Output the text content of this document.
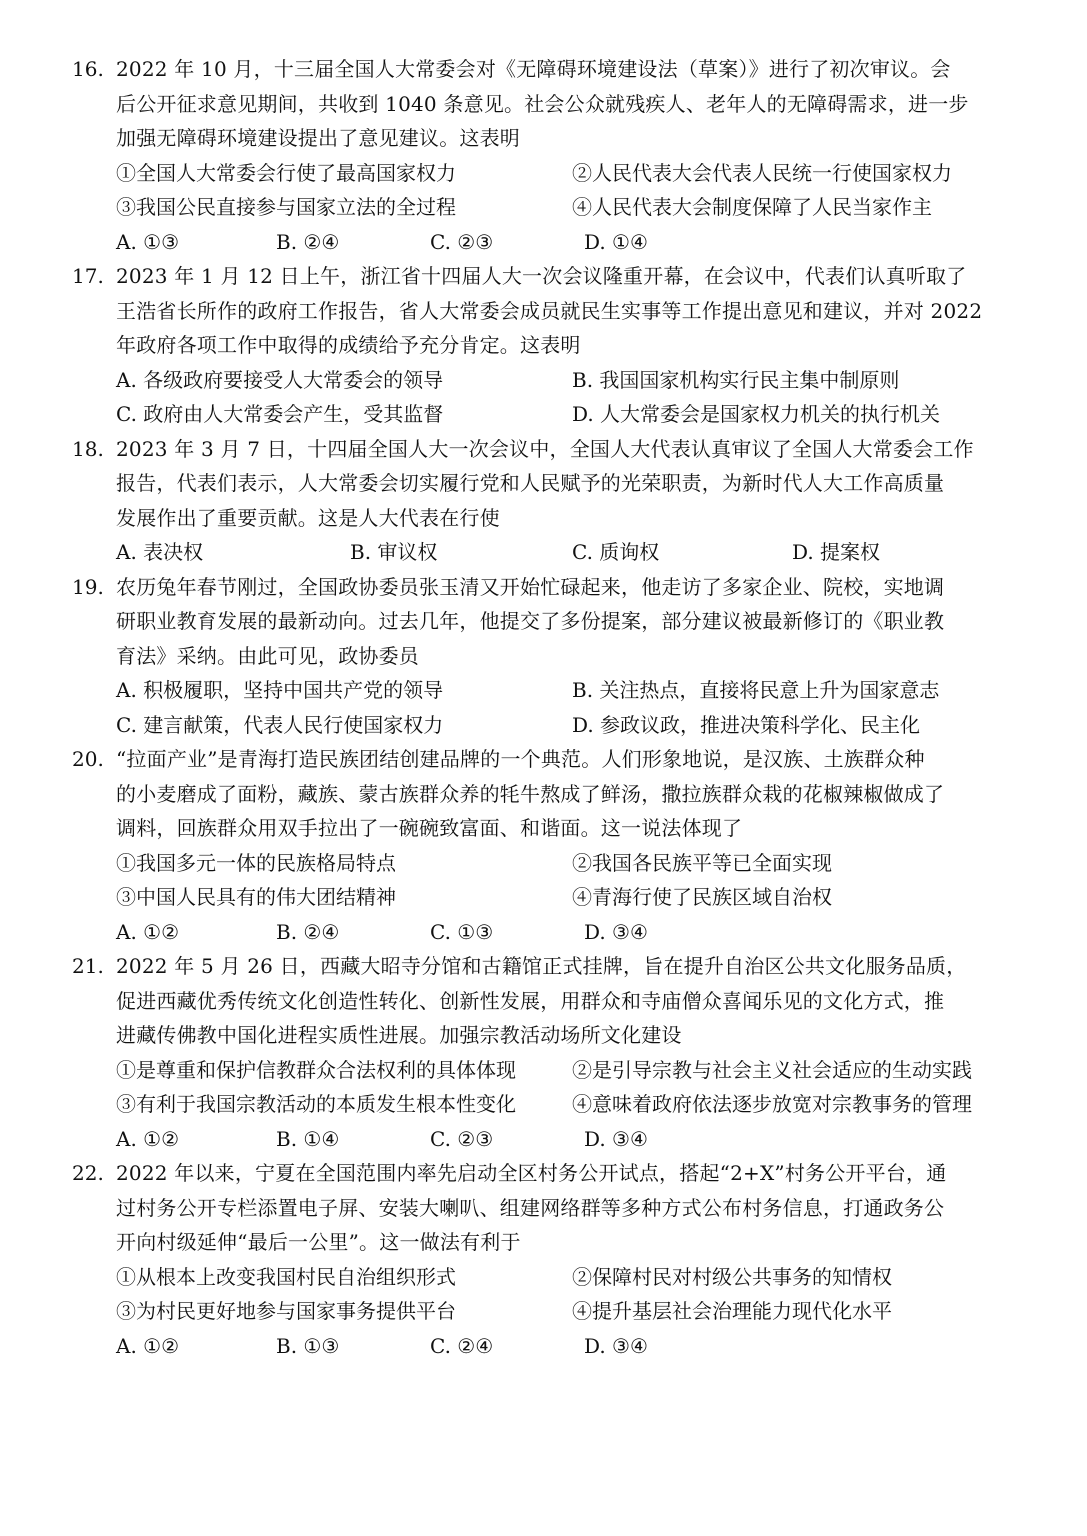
16. 2022 年 10 月，十三届全国人大常委会对《无障碍环境建设法（草案）》进行了初次审议。会
后公开征求意见期间，共收到 1040 条意见。社会公众就残疾人、老年人的无障碍需求，进一步
加强无障碍环境建设提出了意见建议。这表明
①全国人大常委会行使了最高国家权力	②人民代表大会代表人民统一行使国家权力
③我国公民直接参与国家立法的全过程	④人民代表大会制度保障了人民当家作主
A. ①③	B. ②④	C. ②③	D. ①④
17. 2023 年 1 月 12 日上午，浙江省十四届人大一次会议隆重开幕，在会议中，代表们认真听取了
王浩省长所作的政府工作报告，省人大常委会成员就民生实事等工作提出意见和建议，并对 2022
年政府各项工作中取得的成绩给予充分肯定。这表明
A. 各级政府要接受人大常委会的领导	B. 我国国家机构实行民主集中制原则
C. 政府由人大常委会产生，受其监督	D. 人大常委会是国家权力机关的执行机关
18. 2023 年 3 月 7 日，十四届全国人大一次会议中，全国人大代表认真审议了全国人大常委会工作
报告，代表们表示，人大常委会切实履行党和人民赋予的光荣职责，为新时代人大工作高质量
发展作出了重要贡献。这是人大代表在行使
A. 表决权	B. 审议权	C. 质询权	D. 提案权
19. 农历兔年春节刚过，全国政协委员张玉清又开始忙碌起来，他走访了多家企业、院校，实地调
研职业教育发展的最新动向。过去几年，他提交了多份提案，部分建议被最新修订的《职业教
育法》采纳。由此可见，政协委员
A. 积极履职，坚持中国共产党的领导	B. 关注热点，直接将民意上升为国家意志
C. 建言献策，代表人民行使国家权力	D. 参政议政，推进决策科学化、民主化
20. “拉面产业”是青海打造民族团结创建品牌的一个典范。人们形象地说，是汉族、土族群众种
的小麦磨成了面粉，藏族、蒙古族群众养的牦牛熬成了鲜汤，撒拉族群众栽的花椒辣椒做成了
调料，回族群众用双手拉出了一碗碗致富面、和谐面。这一说法体现了
①我国多元一体的民族格局特点	②我国各民族平等已全面实现
③中国人民具有的伟大团结精神	④青海行使了民族区域自治权
A. ①②	B. ②④	C. ①③	D. ③④
21. 2022 年 5 月 26 日，西藏大昭寺分馆和古籍馆正式挂牌，旨在提升自治区公共文化服务品质，
促进西藏优秀传统文化创造性转化、创新性发展，用群众和寺庙僧众喜闻乐见的文化方式，推
进藏传佛教中国化进程实质性进展。加强宗教活动场所文化建设
①是尊重和保护信教群众合法权利的具体体现	②是引导宗教与社会主义社会适应的生动实践
③有利于我国宗教活动的本质发生根本性变化	④意味着政府依法逐步放宽对宗教事务的管理
A. ①②	B. ①④	C. ②③	D. ③④
22. 2022 年以来，宁夏在全国范围内率先启动全区村务公开试点，搭起“2+X”村务公开平台，通
过村务公开专栏添置电子屏、安装大喇叭、组建网络群等多种方式公布村务信息，打通政务公
开向村级延伸“最后一公里”。这一做法有利于
①从根本上改变我国村民自治组织形式	②保障村民对村级公共事务的知情权
③为村民更好地参与国家事务提供平台	④提升基层社会治理能力现代化水平
A. ①②	B. ①③	C. ②④	D. ③④
